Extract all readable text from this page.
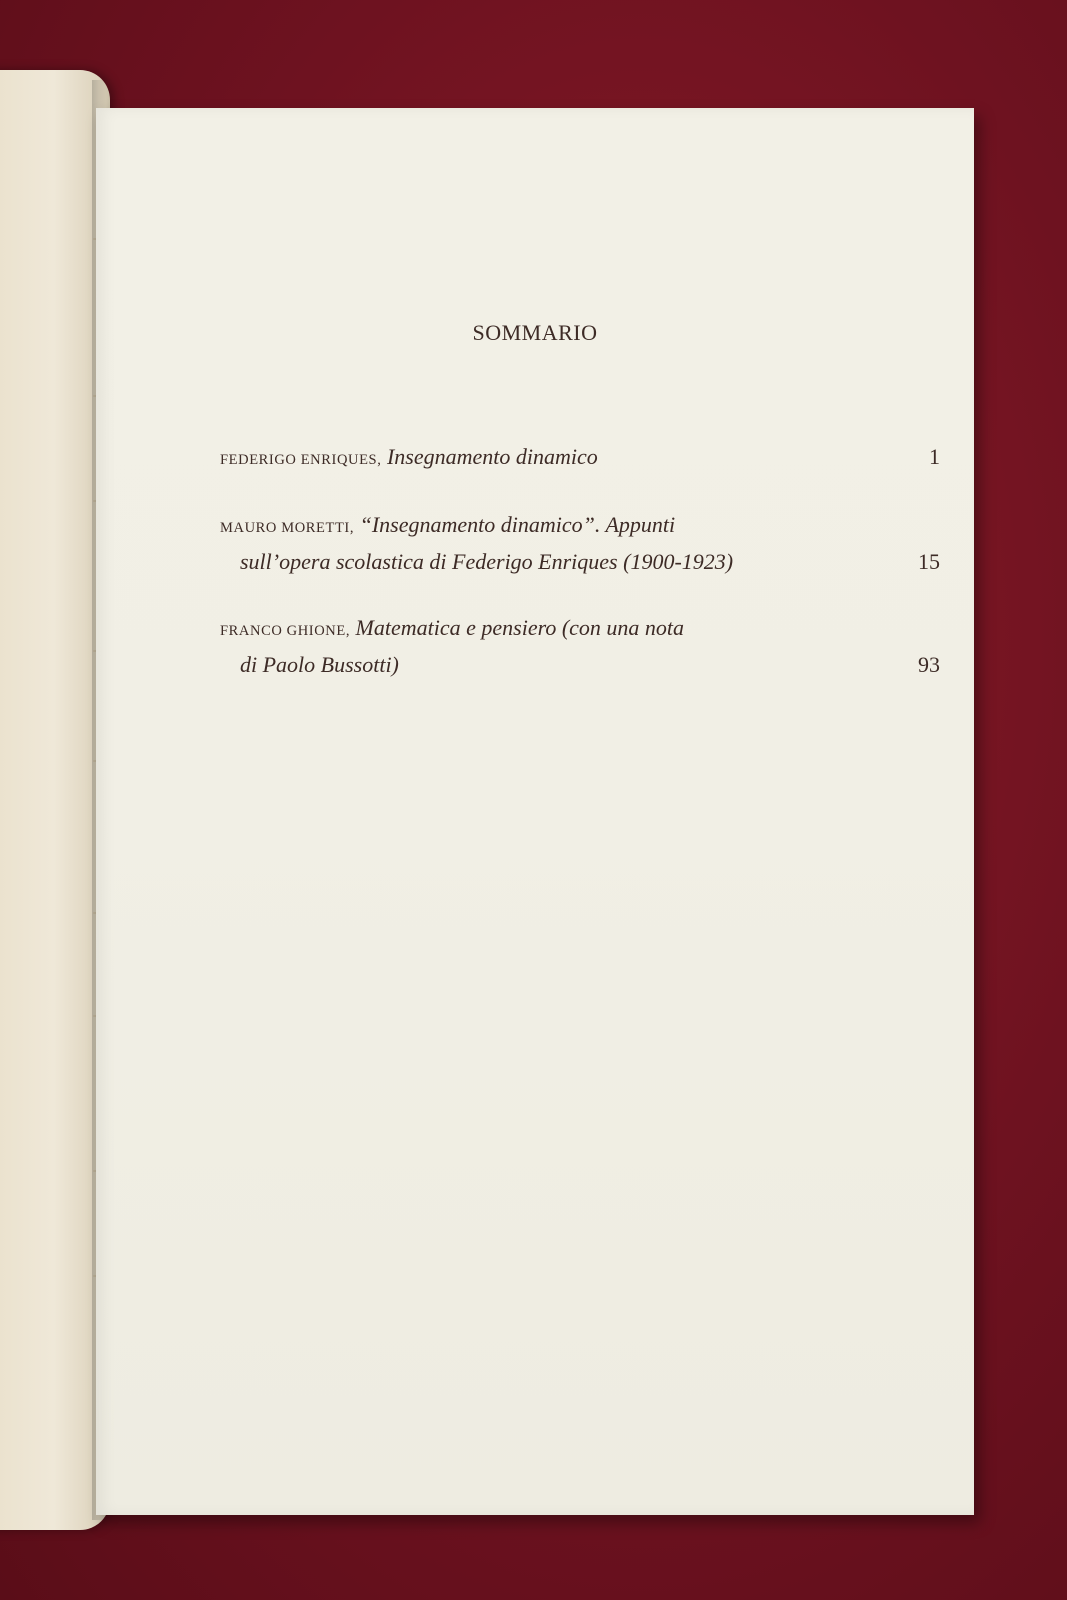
SOMMARIO
FEDERIGO ENRIQUES, Insegnamento dinamico	1
MAURO MORETTI, “Insegnamento dinamico”. Appunti
sull’opera scolastica di Federigo Enriques (1900-1923)	15
FRANCO GHIONE, Matematica e pensiero (con una nota
di Paolo Bussotti)	93
